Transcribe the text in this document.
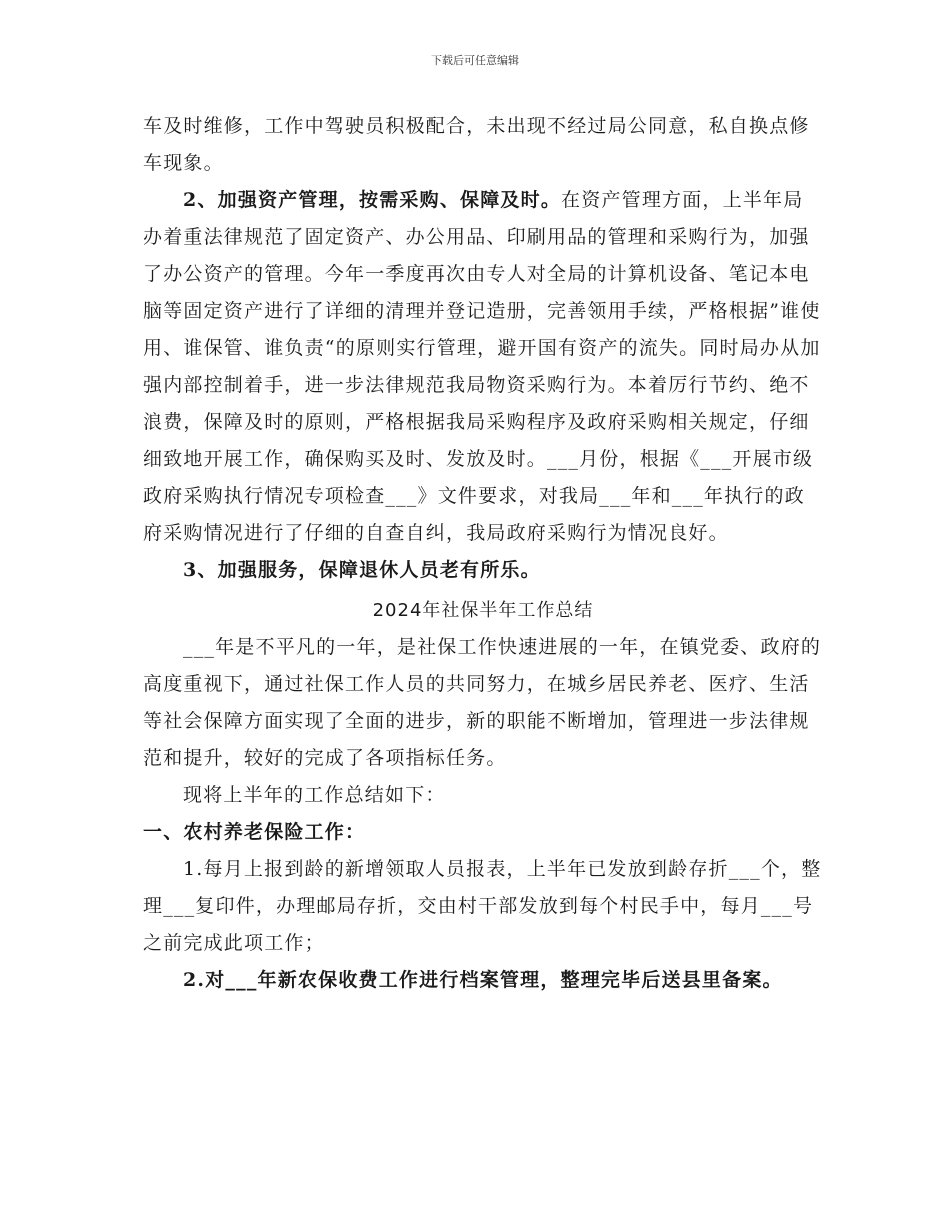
下载后可任意编辑

车及时维修，工作中驾驶员积极配合，未出现不经过局公同意，私自换点修车现象。

2、加强资产管理，按需采购、保障及时。在资产管理方面，上半年局办着重法律规范了固定资产、办公用品、印刷用品的管理和采购行为，加强了办公资产的管理。今年一季度再次由专人对全局的计算机设备、笔记本电脑等固定资产进行了详细的清理并登记造册，完善领用手续，严格根据”谁使用、谁保管、谁负责“的原则实行管理，避开国有资产的流失。同时局办从加强内部控制着手，进一步法律规范我局物资采购行为。本着厉行节约、绝不浪费，保障及时的原则，严格根据我局采购程序及政府采购相关规定，仔细细致地开展工作，确保购买及时、发放及时。___月份，根据《___开展市级政府采购执行情况专项检查___》文件要求，对我局___年和___年执行的政府采购情况进行了仔细的自查自纠，我局政府采购行为情况良好。

3、加强服务，保障退休人员老有所乐。

2024年社保半年工作总结

___年是不平凡的一年，是社保工作快速进展的一年，在镇党委、政府的高度重视下，通过社保工作人员的共同努力，在城乡居民养老、医疗、生活等社会保障方面实现了全面的进步，新的职能不断增加，管理进一步法律规范和提升，较好的完成了各项指标任务。

现将上半年的工作总结如下：

一、农村养老保险工作：

1.每月上报到龄的新增领取人员报表，上半年已发放到龄存折___个，整理___复印件，办理邮局存折，交由村干部发放到每个村民手中，每月___号之前完成此项工作；

2.对___年新农保收费工作进行档案管理，整理完毕后送县里备案。
